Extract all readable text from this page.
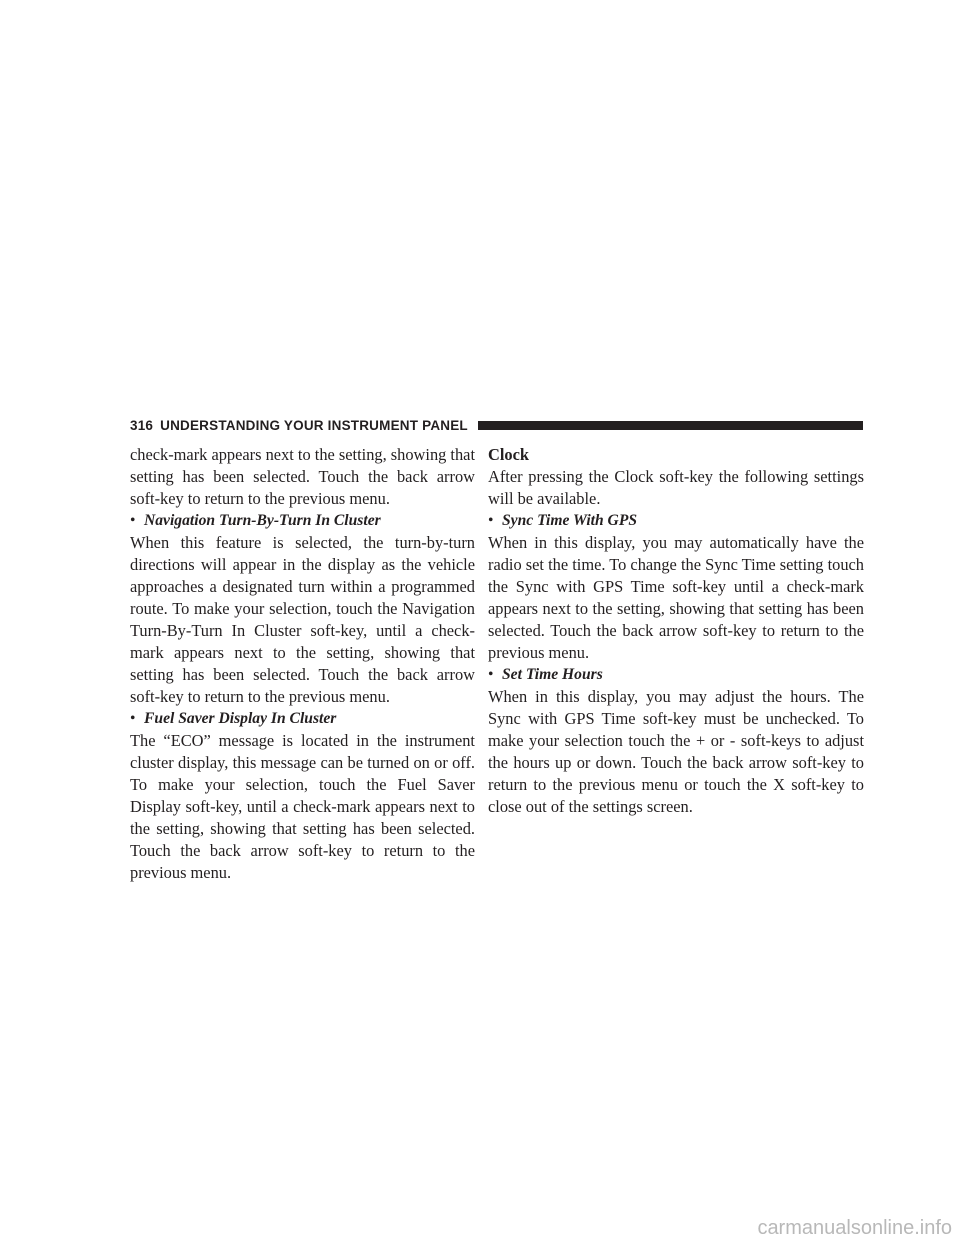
316 UNDERSTANDING YOUR INSTRUMENT PANEL

check-mark appears next to the setting, showing that setting has been selected. Touch the back arrow soft-key to return to the previous menu.

• Navigation Turn-By-Turn In Cluster

When this feature is selected, the turn-by-turn directions will appear in the display as the vehicle approaches a designated turn within a programmed route. To make your selection, touch the Navigation Turn-By-Turn In Cluster soft-key, until a check-mark appears next to the setting, showing that setting has been selected. Touch the back arrow soft-key to return to the previous menu.

• Fuel Saver Display In Cluster

The “ECO” message is located in the instrument cluster display, this message can be turned on or off. To make your selection, touch the Fuel Saver Display soft-key, until a check-mark appears next to the setting, showing that setting has been selected. Touch the back arrow soft-key to return to the previous menu.

Clock

After pressing the Clock soft-key the following settings will be available.

• Sync Time With GPS

When in this display, you may automatically have the radio set the time. To change the Sync Time setting touch the Sync with GPS Time soft-key until a check-mark appears next to the setting, showing that setting has been selected. Touch the back arrow soft-key to return to the previous menu.

• Set Time Hours

When in this display, you may adjust the hours. The Sync with GPS Time soft-key must be unchecked. To make your selection touch the + or - soft-keys to adjust the hours up or down. Touch the back arrow soft-key to return to the previous menu or touch the X soft-key to close out of the settings screen.

carmanualsonline.info
